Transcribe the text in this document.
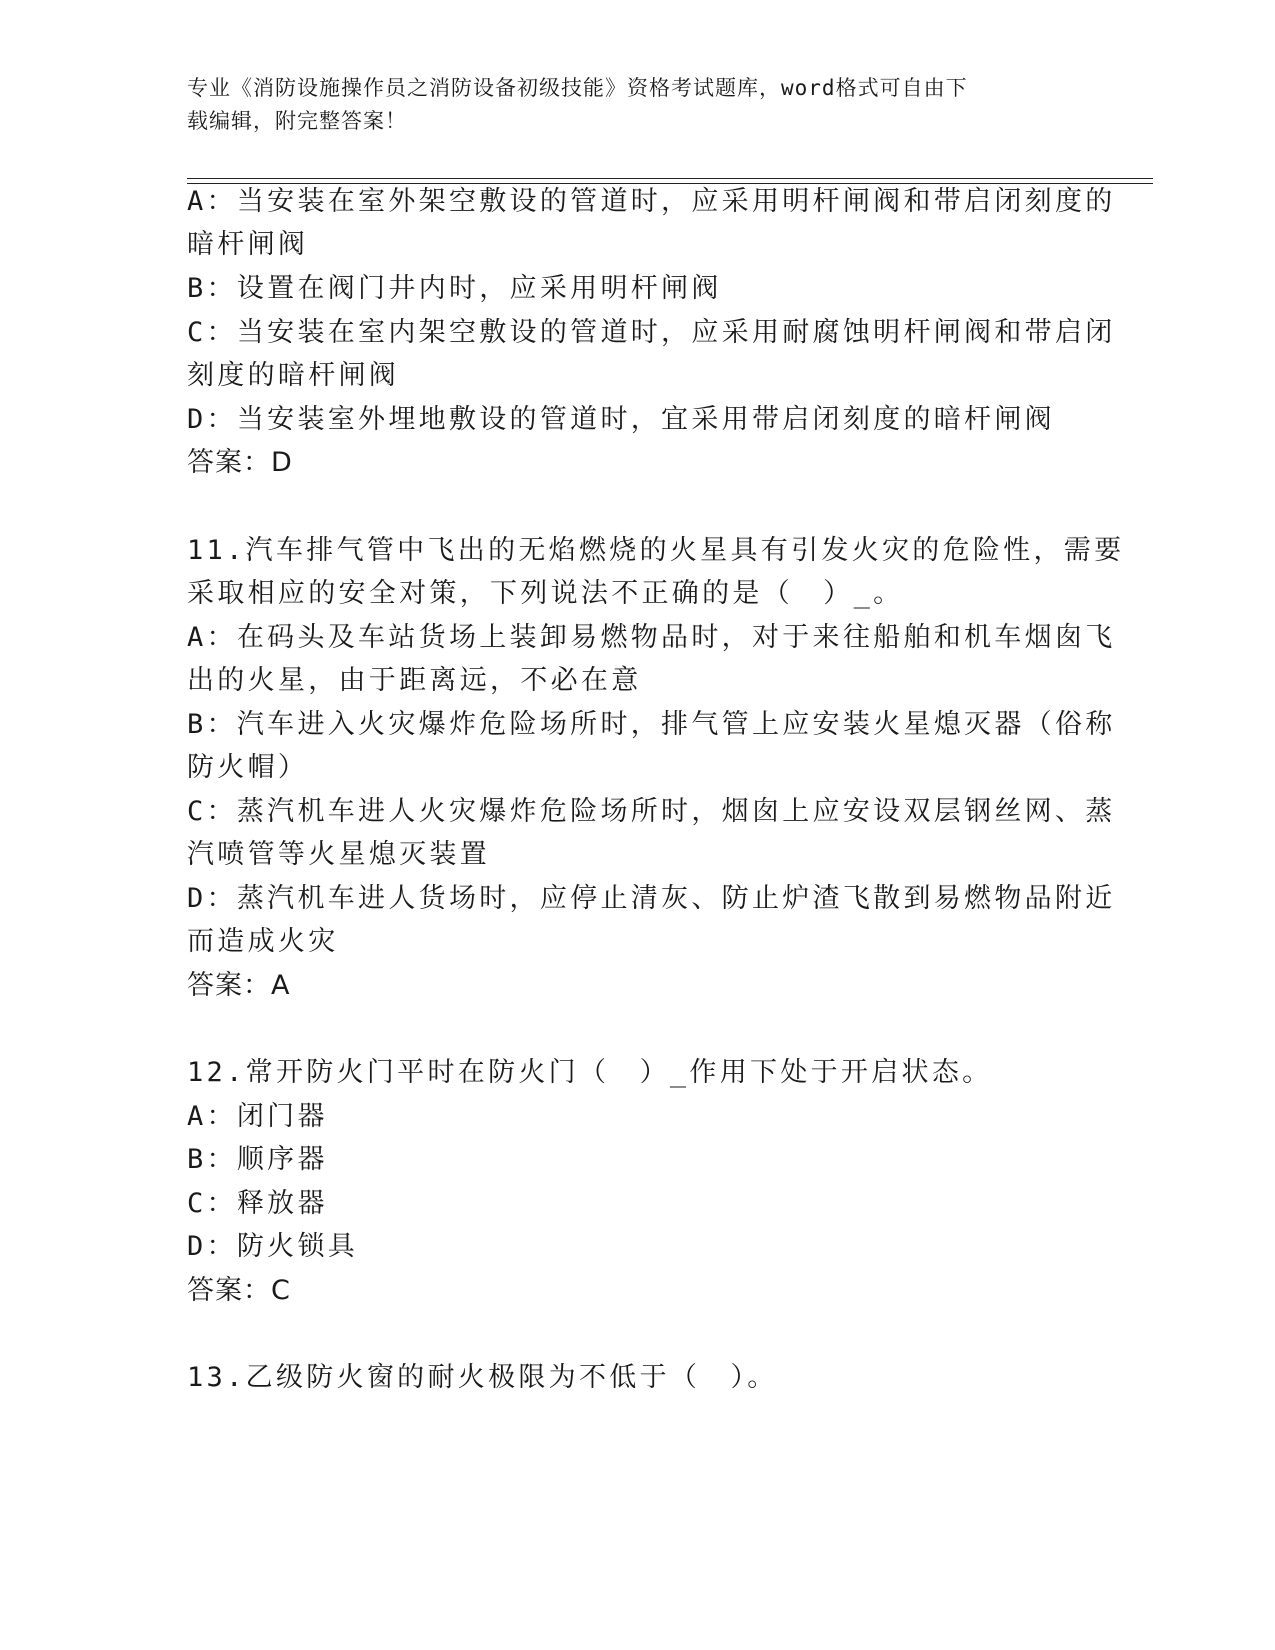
专业《消防设施操作员之消防设备初级技能》资格考试题库，word格式可自由下
载编辑，附完整答案！
A：当安装在室外架空敷设的管道时，应采用明杆闸阀和带启闭刻度的
暗杆闸阀
B：设置在阀门井内时，应采用明杆闸阀
C：当安装在室内架空敷设的管道时，应采用耐腐蚀明杆闸阀和带启闭
刻度的暗杆闸阀
D：当安装室外埋地敷设的管道时，宜采用带启闭刻度的暗杆闸阀
答案：D
11.汽车排气管中飞出的无焰燃烧的火星具有引发火灾的危险性，需要
采取相应的安全对策，下列说法不正确的是（　）_。
A：在码头及车站货场上装卸易燃物品时，对于来往船舶和机车烟囱飞
出的火星，由于距离远，不必在意
B：汽车进入火灾爆炸危险场所时，排气管上应安装火星熄灭器（俗称
防火帽）
C：蒸汽机车进人火灾爆炸危险场所时，烟囱上应安设双层钢丝网、蒸
汽喷管等火星熄灭装置
D：蒸汽机车进人货场时，应停止清灰、防止炉渣飞散到易燃物品附近
而造成火灾
答案：A
12.常开防火门平时在防火门（　）_作用下处于开启状态。
A：闭门器
B：顺序器
C：释放器
D：防火锁具
答案：C
13.乙级防火窗的耐火极限为不低于（　）。
